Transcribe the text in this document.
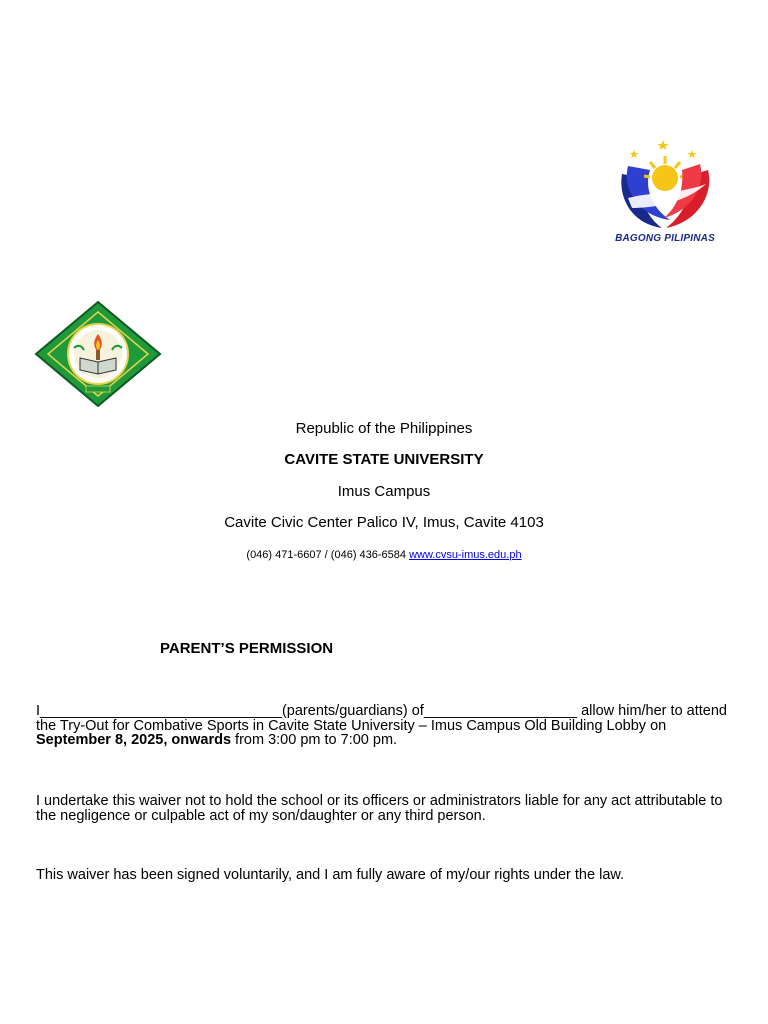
BAGONG PILIPINAS
Republic of the Philippines
CAVITE STATE UNIVERSITY
Imus Campus
Cavite Civic Center Palico IV, Imus, Cavite 4103
(046) 471-6607 / (046) 436-6584 www.cvsu-imus.edu.ph
PARENT’S PERMISSION
I______________________________(parents/guardians) of___________________ allow him/her to attend the Try-Out for Combative Sports in Cavite State University – Imus Campus Old Building Lobby on September 8, 2025, onwards from 3:00 pm to 7:00 pm.
I undertake this waiver not to hold the school or its officers or administrators liable for any act attributable to the negligence or culpable act of my son/daughter or any third person.
This waiver has been signed voluntarily, and I am fully aware of my/our rights under the law.
